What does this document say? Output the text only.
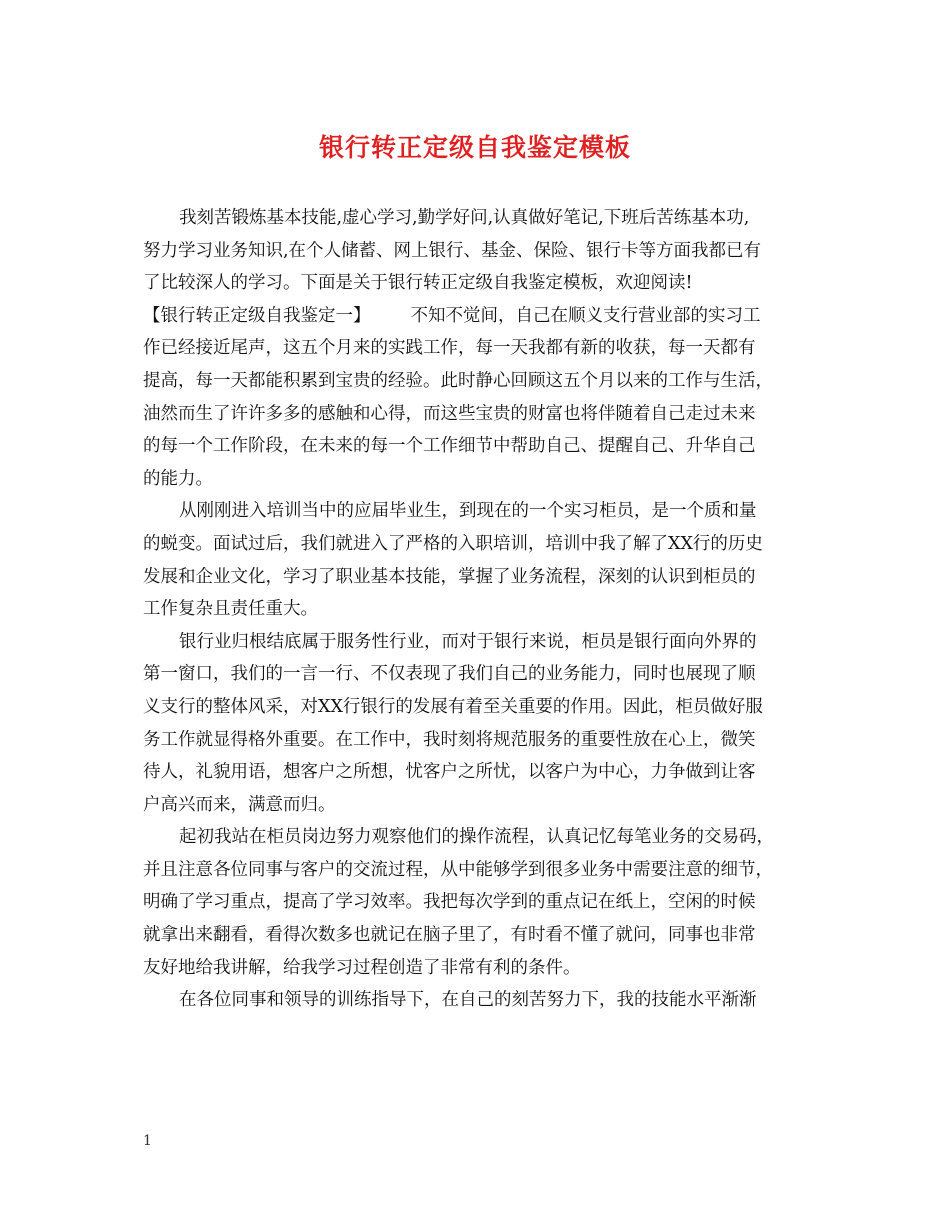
银行转正定级自我鉴定模板
我刻苦锻炼基本技能,虚心学习,勤学好问,认真做好笔记,下班后苦练基本功,
努力学习业务知识,在个人储蓄、网上银行、基金、保险、银行卡等方面我都已有
了比较深人的学习。下面是关于银行转正定级自我鉴定模板，欢迎阅读!
【银行转正定级自我鉴定一】 不知不觉间，自己在顺义支行营业部的实习工
作已经接近尾声，这五个月来的实践工作，每一天我都有新的收获，每一天都有
提高，每一天都能积累到宝贵的经验。此时静心回顾这五个月以来的工作与生活，
油然而生了许许多多的感触和心得，而这些宝贵的财富也将伴随着自己走过未来
的每一个工作阶段，在未来的每一个工作细节中帮助自己、提醒自己、升华自己
的能力。
从刚刚进入培训当中的应届毕业生，到现在的一个实习柜员，是一个质和量
的蜕变。面试过后，我们就进入了严格的入职培训，培训中我了解了XX行的历史
发展和企业文化，学习了职业基本技能，掌握了业务流程，深刻的认识到柜员的
工作复杂且责任重大。
银行业归根结底属于服务性行业，而对于银行来说，柜员是银行面向外界的
第一窗口，我们的一言一行、不仅表现了我们自己的业务能力，同时也展现了顺
义支行的整体风采，对XX行银行的发展有着至关重要的作用。因此，柜员做好服
务工作就显得格外重要。在工作中，我时刻将规范服务的重要性放在心上，微笑
待人，礼貌用语，想客户之所想，忧客户之所忧，以客户为中心，力争做到让客
户高兴而来，满意而归。
起初我站在柜员岗边努力观察他们的操作流程，认真记忆每笔业务的交易码，
并且注意各位同事与客户的交流过程，从中能够学到很多业务中需要注意的细节，
明确了学习重点，提高了学习效率。我把每次学到的重点记在纸上，空闲的时候
就拿出来翻看，看得次数多也就记在脑子里了，有时看不懂了就问，同事也非常
友好地给我讲解，给我学习过程创造了非常有利的条件。
在各位同事和领导的训练指导下，在自己的刻苦努力下，我的技能水平渐渐
1
